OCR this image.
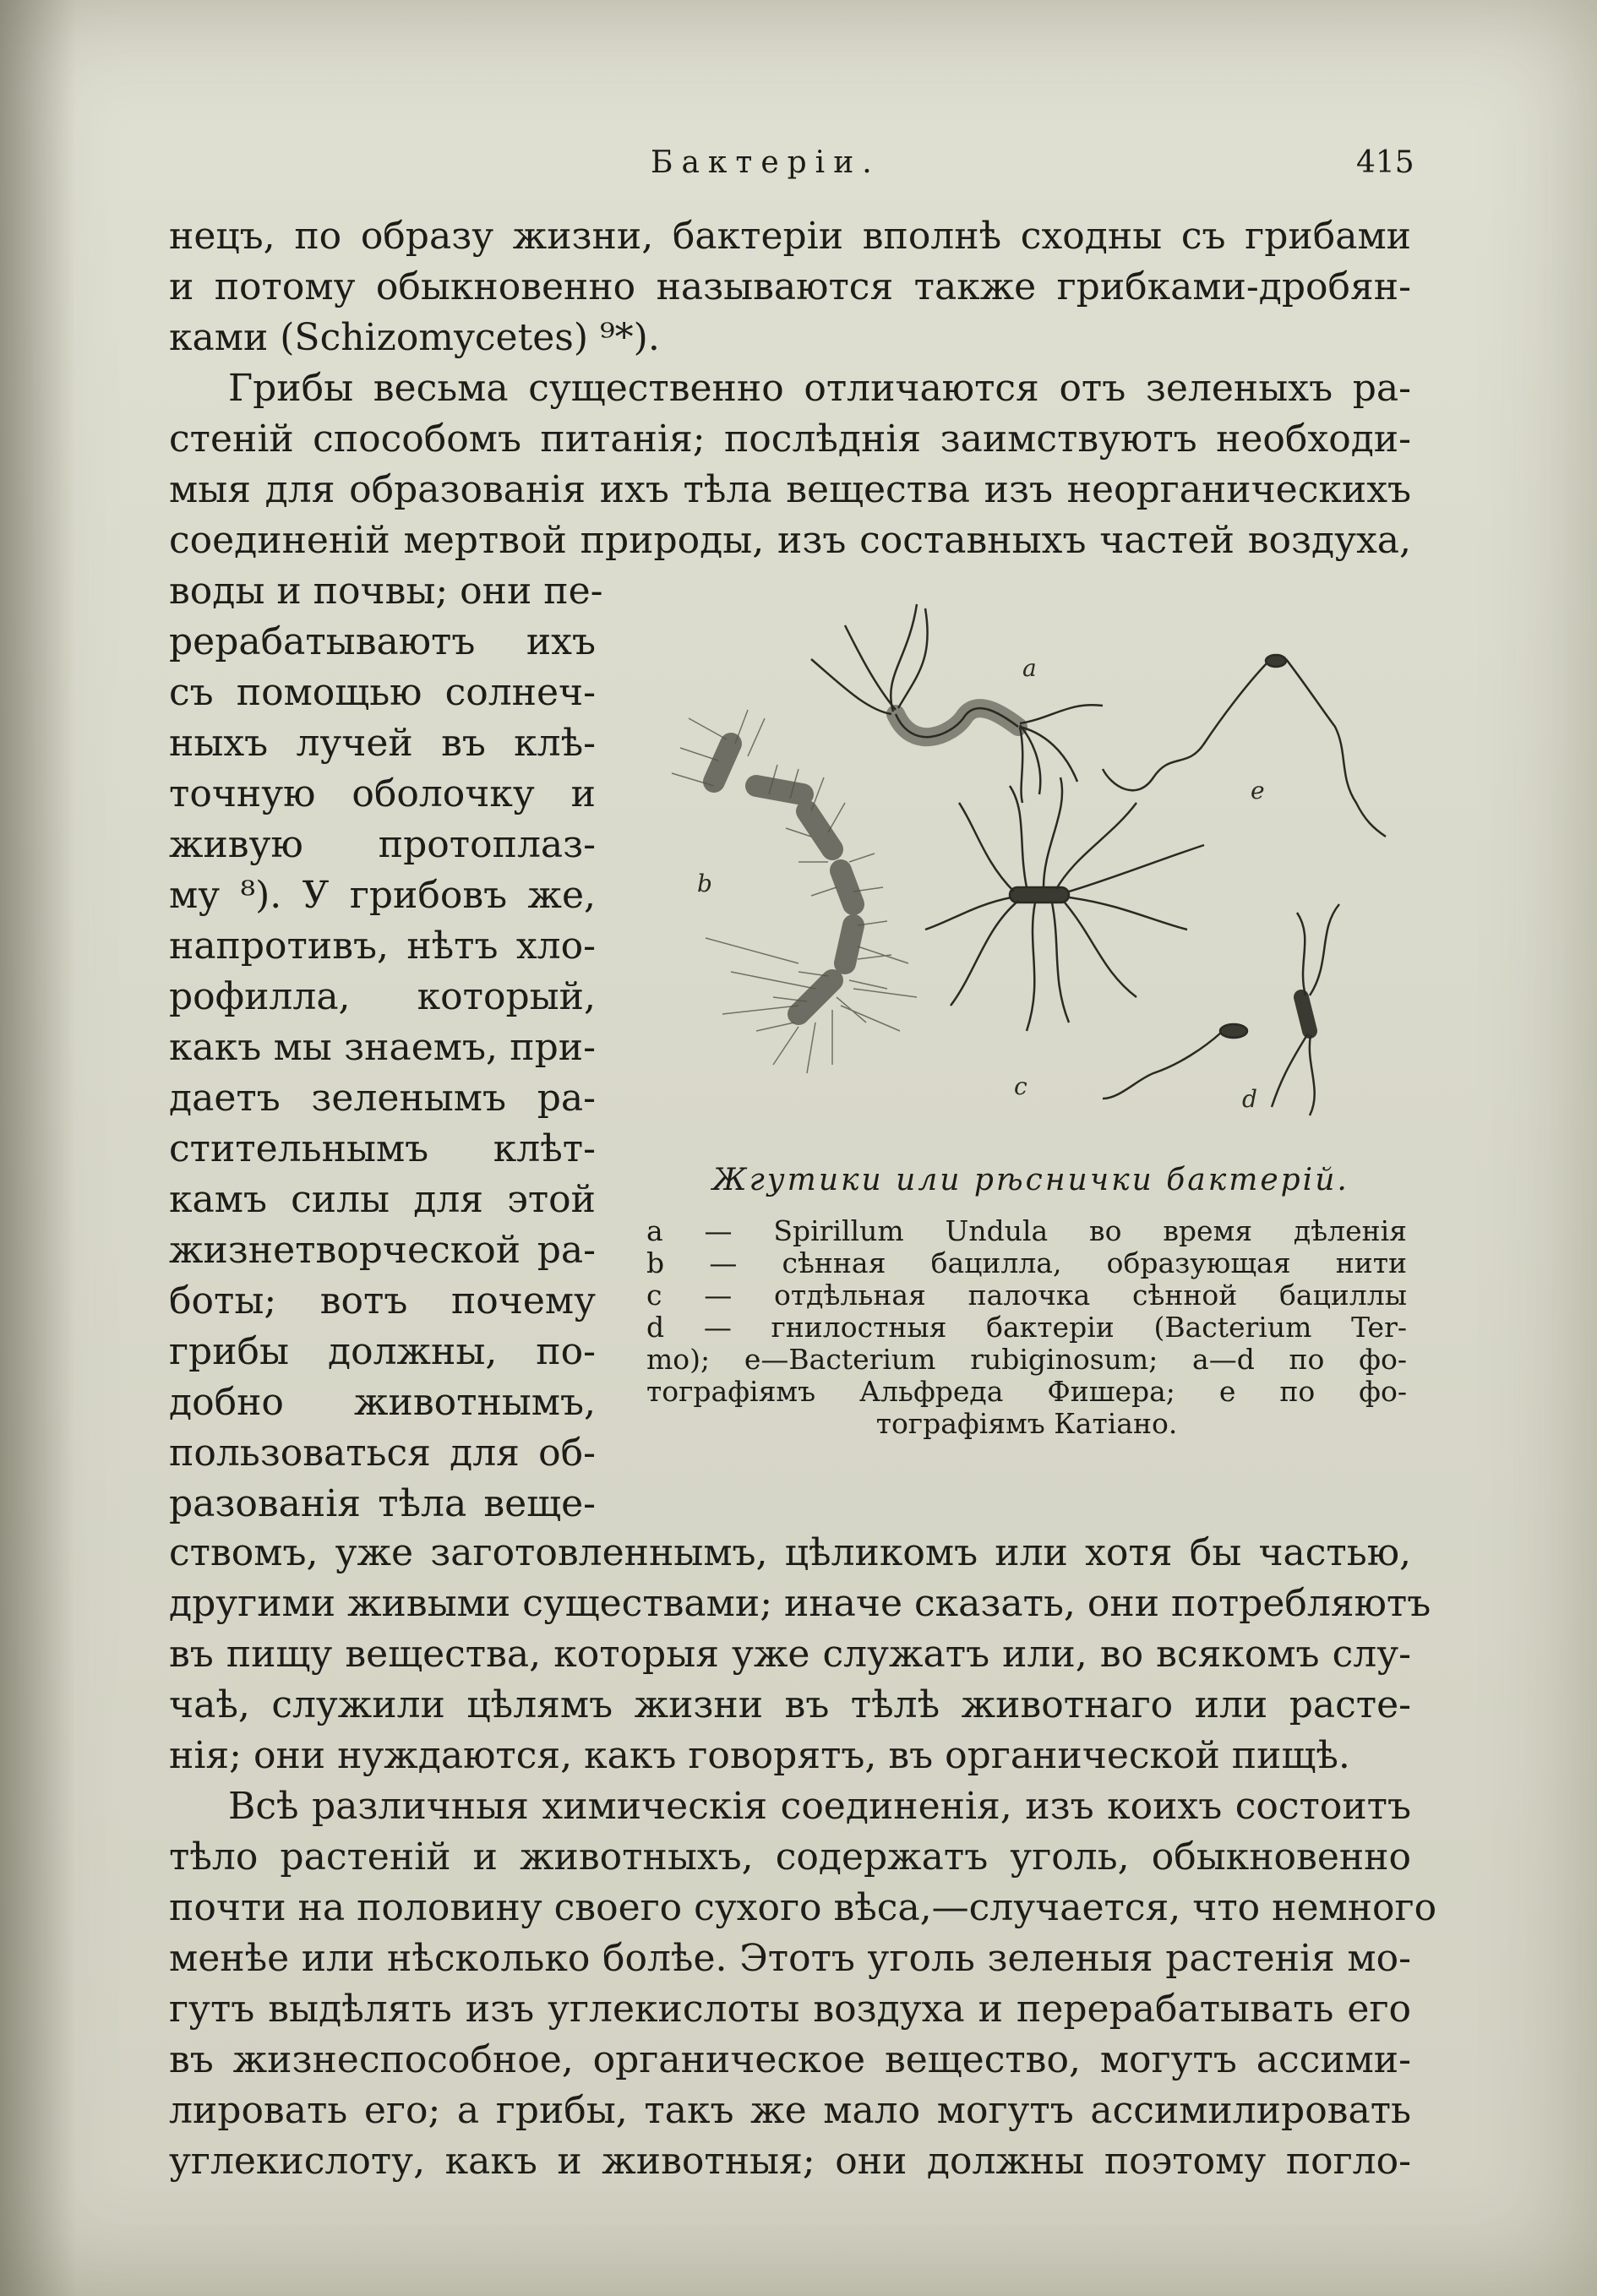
Бактеріи.	415
нецъ, по образу жизни, бактеріи вполнѣ сходны съ грибами
и потому обыкновенно называются также грибками-дробян-
ками (Schizomycetes) ⁹*).
Грибы весьма существенно отличаются отъ зеленыхъ ра-
стеній способомъ питанія; послѣднія заимствуютъ необходи-
мыя для образованія ихъ тѣла вещества изъ неорганическихъ
соединеній мертвой природы, изъ составныхъ частей воздуха,
воды и почвы; они пе-
рерабатываютъ ихъ
съ помощью солнеч-
ныхъ лучей въ клѣ-
точную оболочку и
живую протоплаз-
му ⁸). У грибовъ же,
напротивъ, нѣтъ хло-
рофилла, который,
какъ мы знаемъ, при-
даетъ зеленымъ ра-
стительнымъ клѣт-
камъ силы для этой
жизнетворческой ра-
боты; вотъ почему
грибы должны, по-
добно животнымъ,
пользоваться для об-
разованія тѣла веще-
a
b
c	d
e
Жгутики или рѣснички бактерій.
a — Spirillum Undula во время дѣленія
b — сѣнная бацилла, образующая нити
c — отдѣльная палочка сѣнной бациллы
d — гнилостныя бактеріи (Bacterium Ter-
mo); e—Bacterium rubiginosum; a—d по фо-
тографіямъ Альфреда Фишера; e по фо-
тографіямъ Катіано.
ствомъ, уже заготовленнымъ, цѣликомъ или хотя бы частью,
другими живыми существами; иначе сказать, они потребляютъ
въ пищу вещества, которыя уже служатъ или, во всякомъ слу-
чаѣ, служили цѣлямъ жизни въ тѣлѣ животнаго или расте-
нія; они нуждаются, какъ говорятъ, въ органической пищѣ.
Всѣ различныя химическія соединенія, изъ коихъ состоитъ
тѣло растеній и животныхъ, содержатъ уголь, обыкновенно
почти на половину своего сухого вѣса,—случается, что немного
менѣе или нѣсколько болѣе. Этотъ уголь зеленыя растенія мо-
гутъ выдѣлять изъ углекислоты воздуха и перерабатывать его
въ жизнеспособное, органическое вещество, могутъ ассими-
лировать его; а грибы, такъ же мало могутъ ассимилировать
углекислоту, какъ и животныя; они должны поэтому погло-
